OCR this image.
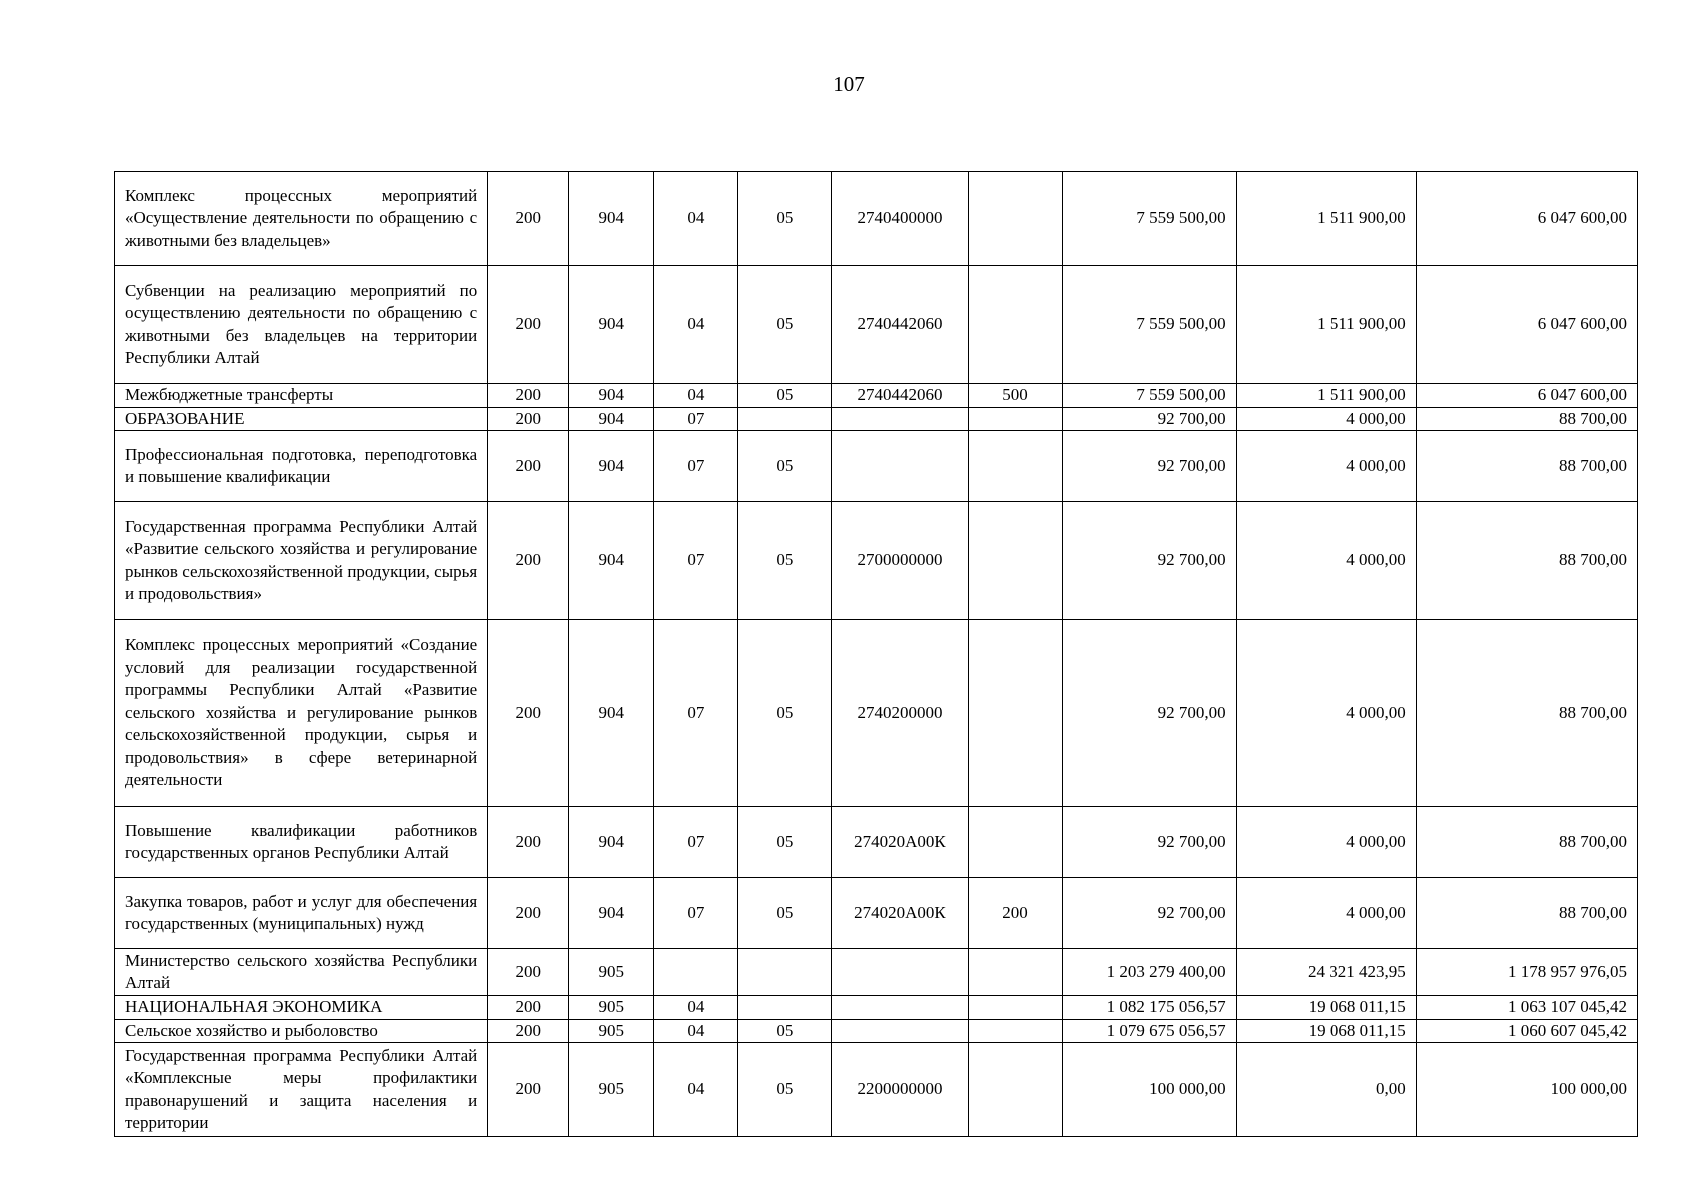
107
Комплекс процессных мероприятий «Осуществление деятельности по обращению с животными без владельцев»	200	904	04	05	2740400000		7 559 500,00	1 511 900,00	6 047 600,00
Субвенции на реализацию мероприятий по осуществлению деятельности по обращению с животными без владельцев на территории Республики Алтай	200	904	04	05	2740442060		7 559 500,00	1 511 900,00	6 047 600,00
Межбюджетные трансферты	200	904	04	05	2740442060	500	7 559 500,00	1 511 900,00	6 047 600,00
ОБРАЗОВАНИЕ	200	904	07				92 700,00	4 000,00	88 700,00
Профессиональная подготовка, переподготовка и повышение квалификации	200	904	07	05			92 700,00	4 000,00	88 700,00
Государственная программа Республики Алтай «Развитие сельского хозяйства и регулирование рынков сельскохозяйственной продукции, сырья и продовольствия»	200	904	07	05	2700000000		92 700,00	4 000,00	88 700,00
Комплекс процессных мероприятий «Создание условий для реализации государственной программы Республики Алтай «Развитие сельского хозяйства и регулирование рынков сельскохозяйственной продукции, сырья и продовольствия» в сфере ветеринарной деятельности	200	904	07	05	2740200000		92 700,00	4 000,00	88 700,00
Повышение квалификации работников государственных органов Республики Алтай	200	904	07	05	274020А00К		92 700,00	4 000,00	88 700,00
Закупка товаров, работ и услуг для обеспечения государственных (муниципальных) нужд	200	904	07	05	274020А00К	200	92 700,00	4 000,00	88 700,00
Министерство сельского хозяйства Республики Алтай	200	905					1 203 279 400,00	24 321 423,95	1 178 957 976,05
НАЦИОНАЛЬНАЯ ЭКОНОМИКА	200	905	04				1 082 175 056,57	19 068 011,15	1 063 107 045,42
Сельское хозяйство и рыболовство	200	905	04	05			1 079 675 056,57	19 068 011,15	1 060 607 045,42

Государственная программа Республики Алтай «Комплексные меры профилактики правонарушений и защита населения и территории	200	905	04	05	2200000000		100 000,00	0,00	100 000,00
